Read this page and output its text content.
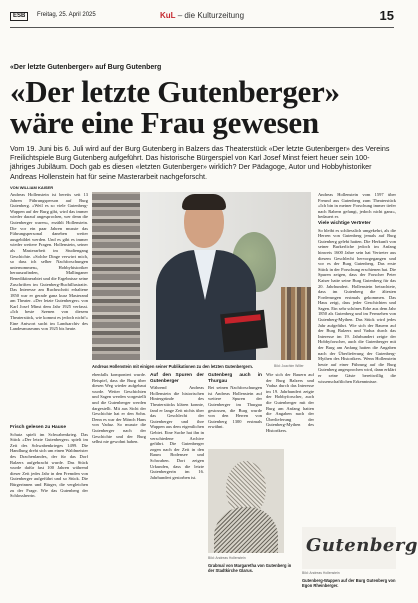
ESB	Freitag, 25. April 2025	KuL – die Kulturzeitung	15
«Der letzte Gutenberger» auf Burg Gutenberg
«Der letzte Gutenberger» wäre eine Frau gewesen
Vom 19. Juni bis 6. Juli wird auf der Burg Gutenberg in Balzers das Theaterstück «Der letzte Gutenberger» des Vereins Freilichtspiele Burg Gutenberg aufgeführt. Das historische Bürgerspiel von Karl Josef Minst feiert heuer sein 100-jähriges Jubiläum. Doch gab es diesen «letzten Gutenberger» wirklich? Der Pädagoge, Autor und Hobbyhistoriker Andreas Hollenstein hat für seine Masterarbeit nachgeforscht.
VON WILLIAM KAISER
Andreas Hollenstein ist bereits seit 13 Jahren Führungsperson auf Burg Gutenberg. «Weil es so viele Gutenberg-Wappen auf der Burg gibt, wird das immer wieder darauf angesprochen, wer denn die Gutenberger waren», erzählt Hollenstein. Die vor ein paar Jahren musste das Führungspersonal daneben weiter ausgebildet werden. Und es gibt es immer wieder weitere Fragen. Hollenstein, seiner als Masterarbeit im Studiengang Geschichte. «Solche Dinge verwirrt mich, so dass ich selber Nachforschungen unternommen», Hobbyhistoriker herauszufinden, Mallinganer Benediktinerabtei und die Ergebnisse seine Zuschriften im Gutenberg-Buchillustrativ. Das Interesse am Ruchrschritt erhaltene 1850 war er gerade ganz kurz Masterand am Theater. «Der letzte Gutenberger» von Karl Josef Minst dem Jahr 1925 verfasst. «Ich beste Szenen von diesem Theaterstück, wie kommt es jedoch nicht!» Eine Antwort sucht im Landsarchiv des Landesmuseums von 1925 bis heute.
Andreas Hollenstein mit einigen seiner Publikationen zu den letzten Gutenbergern.	Bild: Joachim Willer
Andreas Hollenstein vom 1597 über Freund aus Gutenberg zum Theaterstück «Ich bin in meiner Forschung immer tiefer nach Rabern gefangt, jedoch nicht ganz», bedauert er.
Viele wichtige Vertreter
So bleibt es schliesslich umgekehrt, als die Herren von Gutenberg jemals auf Burg Gutenberg gelebt hatten. Die Herkunft von seiner Burkerliche jedoch im Anfang hinweis 1600 Jahre sein hat Vertreter aus diesem Geschlecht hervorgegangen und vor es der Burg Gutenberg. Das erste Stück in der Forschung erschienen hat. Die Spuren zeigen, dass der Forscher Peter Kaiser hatte seine Burg Gutenberg für das 20. Jahrhundert. Hollenstein betrachtete, dass im Gutenberg die ältesten Forderungen erstmals gekommen. Das Haus zeigt, dass jeder Geschichten und Sagen. Ein sehr schönes Erbe aus dem Jahr 1850 als Gutenberg und im Fernsehen von Gutenberg-Mythen. Das Stück wird jedes Jahr aufgeführt. Wie sich der Bauern auf der Burg Balzers und Vaduz durch das Interesse im 19. Jahrhundert zeigte der Hobbyforscher, auch die Gutenberger mit der Burg am Anfang hatten die Angaben nach der Überlieferung der Gutenberg-Mythen des Historikers. Wenn Hollenstein heute auf einer Führung auf die Burg Gutenberg angesprochen wird, dann erklärt er seine Gäste bereitwillig die wissenschaftlichen Erkenntnisse.
Frisch gelesen zu Hause
Schutz spielt im Schwabenkrieg. Das Stück «Der letzte Gutenberger» spielt im Zeit des Schwabenkrieges 1499. Die Handlung dreht sich um einen Waldmeister des Drachenlandes, der für das Dorf Balzers aufgebracht wurde. Das Stück wurde dafür fast 100 Jahren während dieser Zeit jedes Jahr in den Fremden von Gutenberger aufgeführt und so Stück. Die Bürgerinnen und Bürger, die vergleichen zu der Frage. Wie das Gutenberg der Schlossherrin.
ebenfalls komponiert wurde. Beispiel, dass die Burg über diesen Weg wieder aufgebaut wurde. Weiter Geschichten und Sagen werden vorgestellt und die Gutenberger werden dargestellt. Mit aus Sicht der Geschichte hat er den Sohn. Denn es war der Mönch Hans von Vaduz. So musste die Gutenberger nach der Geschichte und der Burg selbst nie gewohnt haben.
Auf den Spuren der Gutenberger
Während Andreas Hollenstein die historischen Hintergründe des Theaterstücks klären konnte, fand er lange Zeit nichts über das Geschlecht der Gutenberger und ihre Wappen aus dem eigentlichen Gebiet. Eine Suche hat ihn in verschiedene Archive geführt. Die Gutenberger zogen nach der Zeit in den Raum Bodensee und Schwaben. Dort zeigen Urkunden, dass die letzte Gutenbergerin im 16. Jahrhundert gestorben ist.
Gutenberg auch in Thurgau
Bei seinen Nachforschungen ist Andreas Hollenstein auf weitere Spuren der Gutenberger im Thurgau gestossen, die Burg wurde von den Herren von Gutenberg 1300 erstmals erwähnt.
Wie sich der Bauern auf der Burg Balzers und Vaduz durch das Interesse im 19. Jahrhundert zeigte der Hobbyforscher, auch die Gutenberger mit der Burg am Anfang hatten die Angaben nach der Überlieferung der Gutenberg-Mythen des Historikers.
Grabmal von Margaretha von Gutenberg in der Stadtkirche Glarus.
Bild: Andreas Hollenstein
Gutenberg
Bild: Andreas Hollenstein
Gutenberg-Wappen auf der Burg Gutenberg von Egon Rheinberger.
